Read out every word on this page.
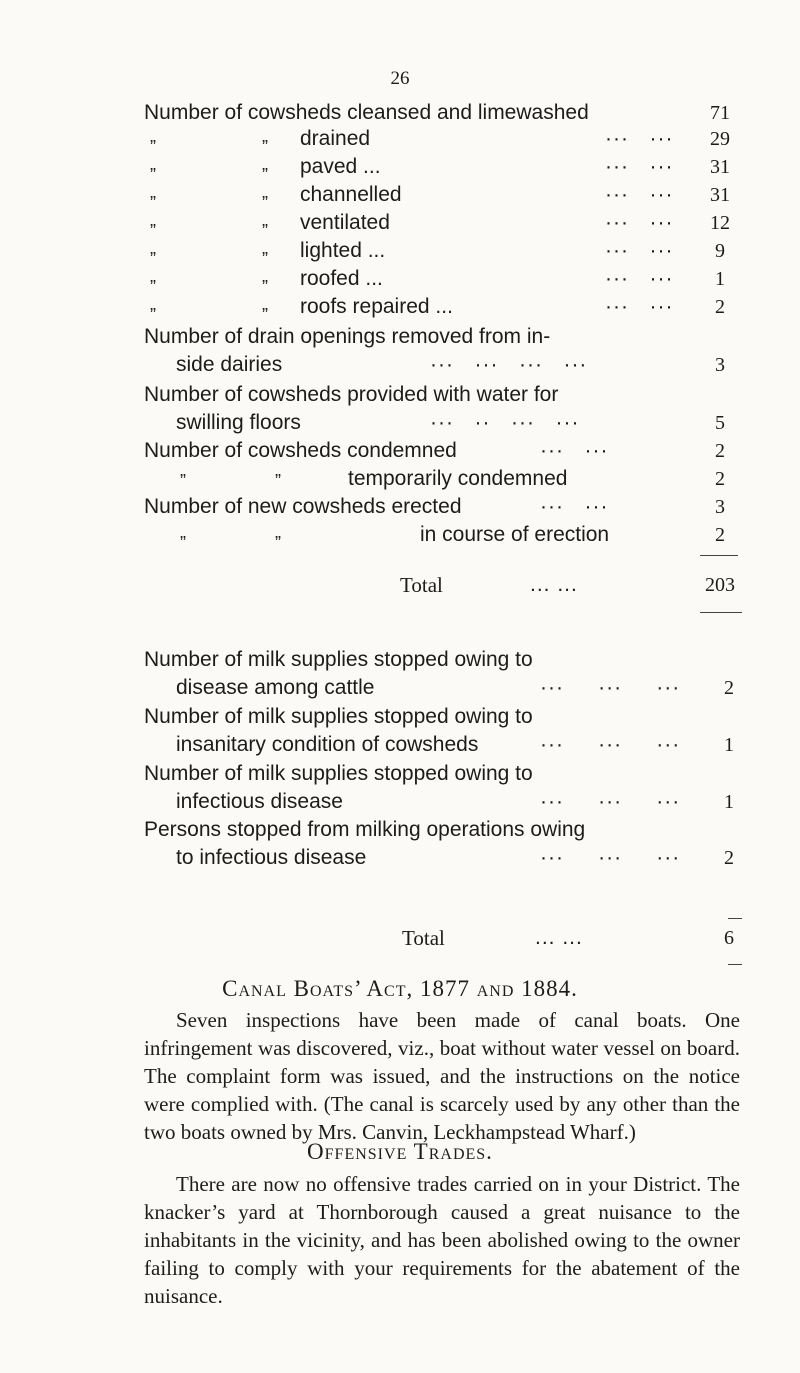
26
Number of cowsheds cleansed and limewashed	71
”	” drained	···   ···	29
”	” paved ...	···   ···	31
”	” channelled	···   ···	31
”	” ventilated	···   ···	12
”	” lighted ...	···   ···	9
”	” roofed ...	···   ···	1
”	” roofs repaired ...	···   ···	2
Number of drain openings removed from in-
side dairies	···   ···   ···   ···	3
Number of cowsheds provided with water for
swilling floors	···   ··   ···   ···	5
Number of cowsheds condemned	···   ···	2
”	”	temporarily condemned	2
Number of new cowsheds erected	···   ···	3
”	”	in course of erection	2
Total	... ...	203
Number of milk supplies stopped owing to
disease among cattle	···     ···     ···	2
Number of milk supplies stopped owing to
insanitary condition of cowsheds	···     ···     ···	1
Number of milk supplies stopped owing to
infectious disease	···     ···     ···	1
Persons stopped from milking operations owing
to infectious disease	···     ···     ···	2
Total	... ...	6
Canal Boats’ Act, 1877 and 1884.
Seven inspections have been made of canal boats. One infringement was discovered, viz., boat without water vessel on board. The complaint form was issued, and the instructions on the notice were complied with. (The canal is scarcely used by any other than the two boats owned by Mrs. Canvin, Leckhampstead Wharf.)
Offensive Trades.
There are now no offensive trades carried on in your District. The knacker’s yard at Thornborough caused a great nuisance to the inhabitants in the vicinity, and has been abolished owing to the owner failing to comply with your requirements for the abatement of the nuisance.
